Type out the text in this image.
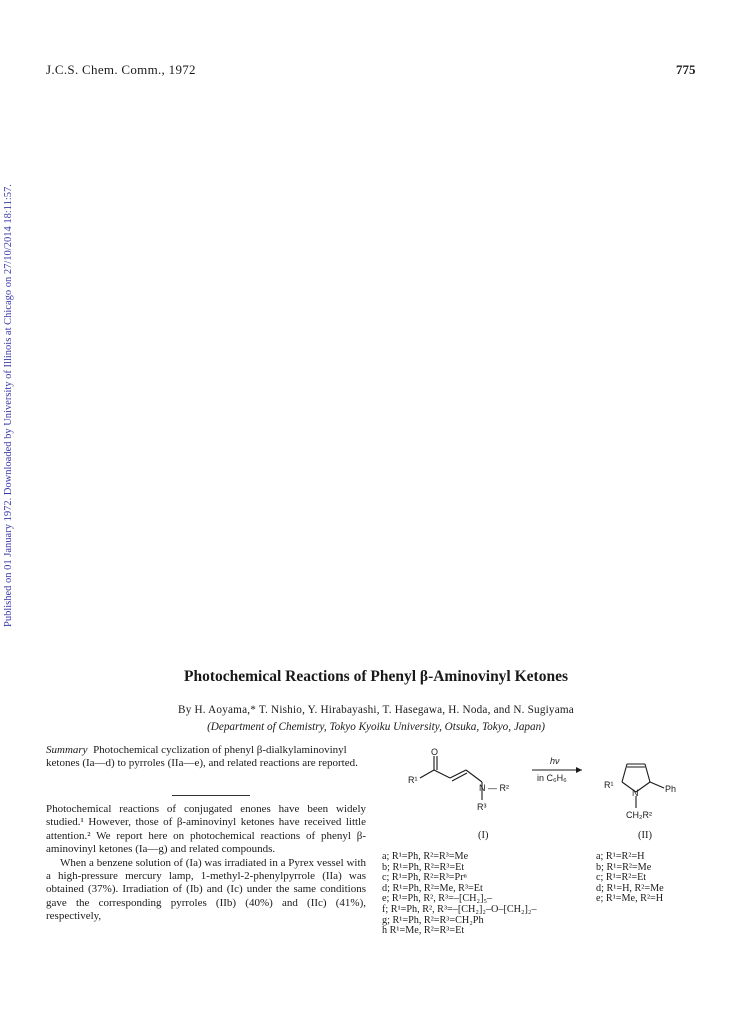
J.C.S. Chem. Comm., 1972	775
Published on 01 January 1972. Downloaded by University of Illinois at Chicago on 27/10/2014 18:11:57.
Photochemical Reactions of Phenyl β-Aminovinyl Ketones
By H. Aoyama,* T. Nishio, Y. Hirabayashi, T. Hasegawa, H. Noda, and N. Sugiyama
(Department of Chemistry, Tokyo Kyoiku University, Otsuka, Tokyo, Japan)
Summary Photochemical cyclization of phenyl β-dialkylaminovinyl ketones (Ia—d) to pyrroles (IIa—e), and related reactions are reported.

Photochemical reactions of conjugated enones have been widely studied.¹ However, those of β-aminovinyl ketones have received little attention.² We report here on photochemical reactions of phenyl β-aminovinyl ketones (Ia—g) and related compounds.

When a benzene solution of (Ia) was irradiated in a Pyrex vessel with a high-pressure mercury lamp, 1-methyl-2-phenylpyrrole (IIa) was obtained (37%). Irradiation of (Ib) and (Ic) under the same conditions gave the corresponding pyrroles (IIb) (40%) and (IIc) (41%), respectively,

O
R¹
N — R²
R³
hν
in C₆H₆
R¹
N	Ph
CH₂R²
(I)	(II)
a; R¹=Ph, R²=R³=Me
b; R¹=Ph, R²=R³=Et
c; R¹=Ph, R²=R³=Prⁿ
d; R¹=Ph, R²=Me, R³=Et
e; R¹=Ph, R², R³=–[CH₂]₅–
f; R¹=Ph, R², R³=–[CH₂]₂–O–[CH₂]₂–
g; R¹=Ph, R²=R³=CH₂Ph
h R¹=Me, R²=R³=Et
a; R¹=R²=H
b; R¹=R²=Me
c; R¹=R²=Et
d; R¹=H, R²=Me
e; R¹=Me, R²=H
